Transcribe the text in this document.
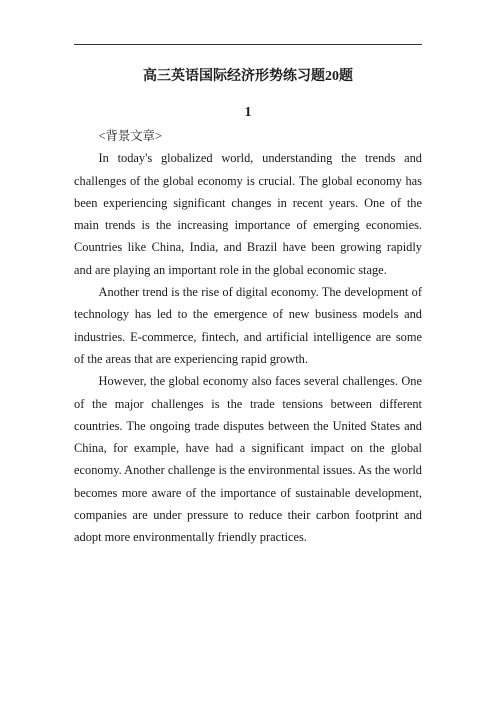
高三英语国际经济形势练习题20题
1

<背景文章>

In today's globalized world, understanding the trends and challenges of the global economy is crucial. The global economy has been experiencing significant changes in recent years. One of the main trends is the increasing importance of emerging economies. Countries like China, India, and Brazil have been growing rapidly and are playing an important role in the global economic stage.

Another trend is the rise of digital economy. The development of technology has led to the emergence of new business models and industries. E-commerce, fintech, and artificial intelligence are some of the areas that are experiencing rapid growth.

However, the global economy also faces several challenges. One of the major challenges is the trade tensions between different countries. The ongoing trade disputes between the United States and China, for example, have had a significant impact on the global economy. Another challenge is the environmental issues. As the world becomes more aware of the importance of sustainable development, companies are under pressure to reduce their carbon footprint and adopt more environmentally friendly practices.
